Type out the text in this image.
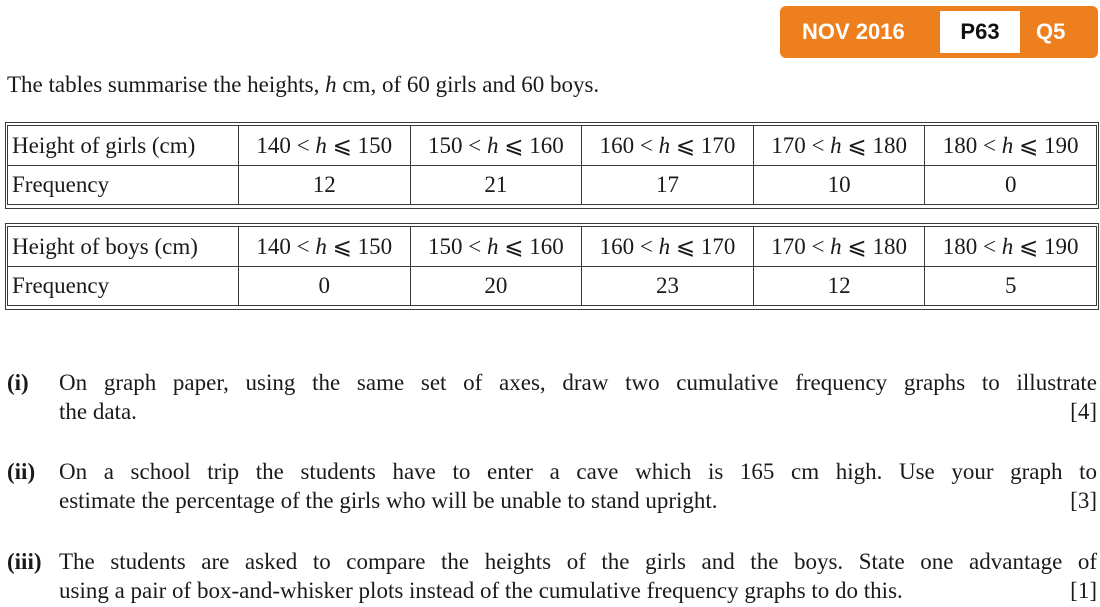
NOV 2016	P63	Q5
The tables summarise the heights, h cm, of 60 girls and 60 boys.
Height of girls (cm)	140 < h ⩽ 150	150 < h ⩽ 160	160 < h ⩽ 170	170 < h ⩽ 180	180 < h ⩽ 190
Frequency	12	21	17	10	0
Height of boys (cm)	140 < h ⩽ 150	150 < h ⩽ 160	160 < h ⩽ 170	170 < h ⩽ 180	180 < h ⩽ 190
Frequency	0	20	23	12	5
(i) On graph paper, using the same set of axes, draw two cumulative frequency graphs to illustrate
the data.	[4]
(ii) On a school trip the students have to enter a cave which is 165 cm high. Use your graph to
estimate the percentage of the girls who will be unable to stand upright.	[3]
(iii) The students are asked to compare the heights of the girls and the boys. State one advantage of
using a pair of box-and-whisker plots instead of the cumulative frequency graphs to do this.	[1]
